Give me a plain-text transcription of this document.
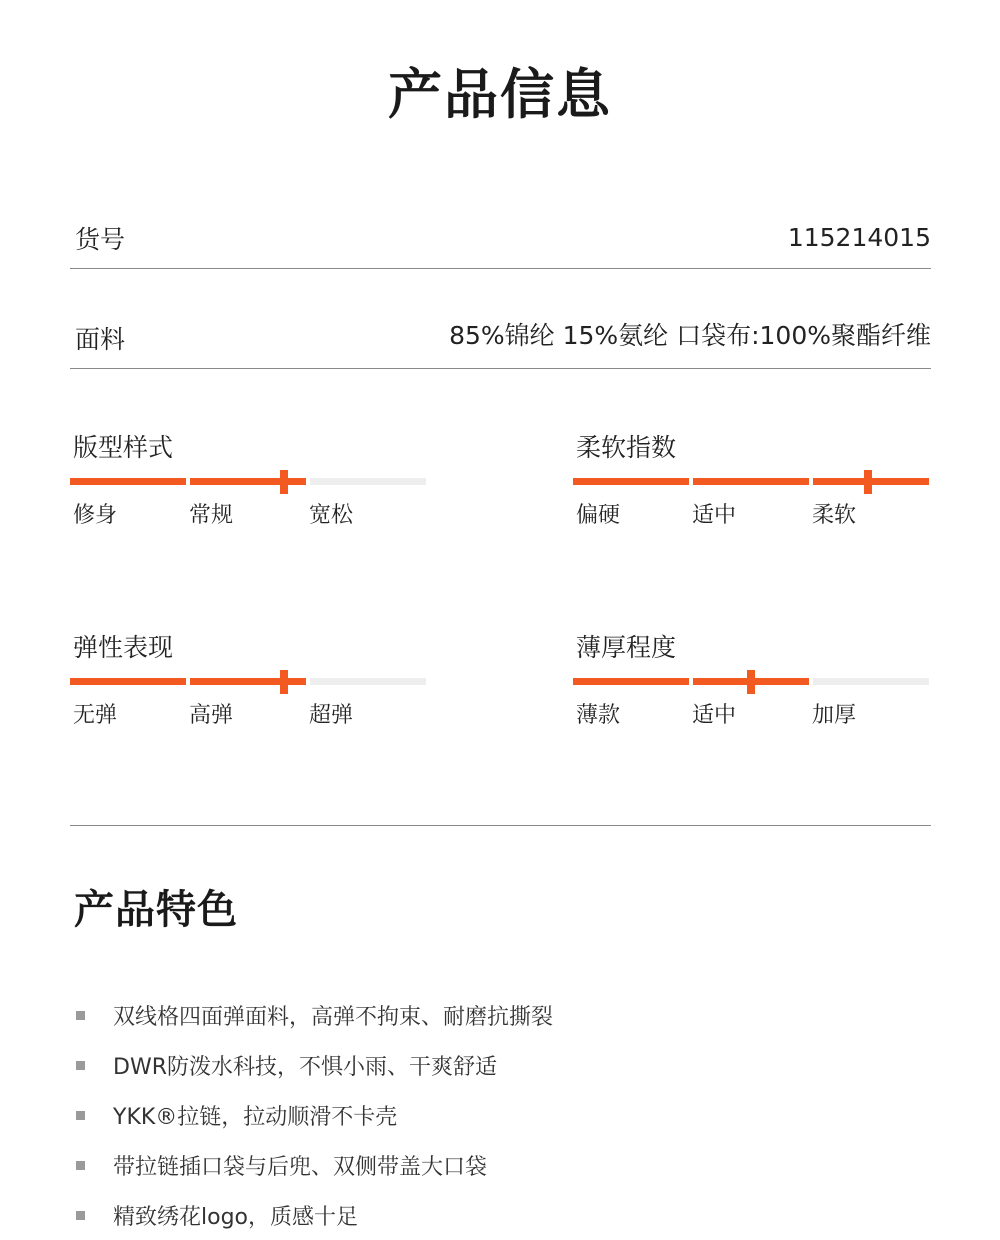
产品信息
货号	115214015
面料	85%锦纶 15%氨纶 口袋布:100%聚酯纤维
版型样式
修身	常规	宽松
柔软指数
偏硬	适中	柔软
弹性表现
无弹	高弹	超弹
薄厚程度
薄款	适中	加厚
产品特色
双线格四面弹面料，高弹不拘束、耐磨抗撕裂
DWR防泼水科技，不惧小雨、干爽舒适
YKK®拉链，拉动顺滑不卡壳
带拉链插口袋与后兜、双侧带盖大口袋
精致绣花logo，质感十足
